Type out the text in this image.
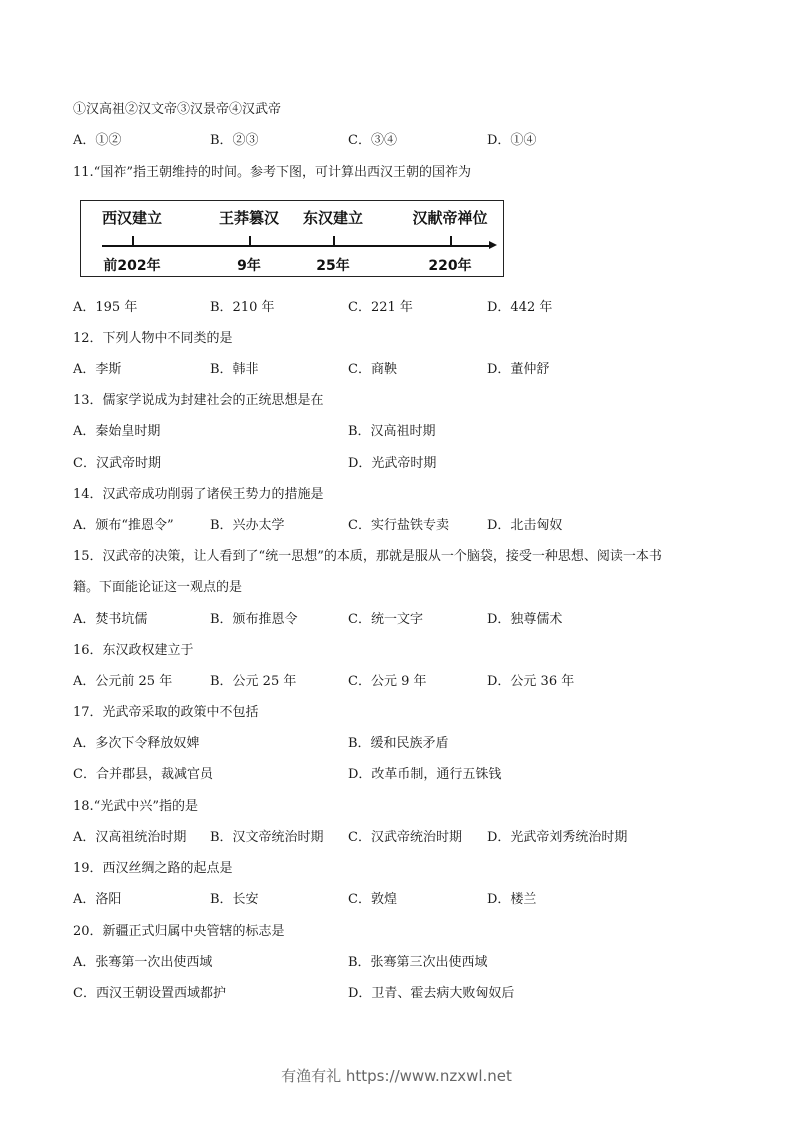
①汉高祖②汉文帝③汉景帝④汉武帝
A．①②	B．②③	C．③④	D．①④
11.“国祚”指王朝维持的时间。参考下图，可计算出西汉王朝的国祚为
西汉建立	王莽篡汉 东汉建立	汉献帝禅位
前202年	9年	25年	220年
A．195 年	B．210 年	C．221 年	D．442 年
12．下列人物中不同类的是
A．李斯	B．韩非	C．商鞅	D．董仲舒
13．儒家学说成为封建社会的正统思想是在
A．秦始皇时期	B．汉高祖时期
C．汉武帝时期	D．光武帝时期
14．汉武帝成功削弱了诸侯王势力的措施是
A．颁布“推恩令”	B．兴办太学	C．实行盐铁专卖	D．北击匈奴
15．汉武帝的决策，让人看到了“统一思想”的本质，那就是服从一个脑袋，接受一种思想、阅读一本书
籍。下面能论证这一观点的是
A．焚书坑儒	B．颁布推恩令	C．统一文字	D．独尊儒术
16．东汉政权建立于
A．公元前 25 年	B．公元 25 年	C．公元 9 年	D．公元 36 年
17．光武帝采取的政策中不包括
A．多次下令释放奴婢	B．缓和民族矛盾
C．合并郡县，裁减官员	D．改革币制，通行五铢钱
18.“光武中兴”指的是
A．汉高祖统治时期 B．汉文帝统治时期 C．汉武帝统治时期 D．光武帝刘秀统治时期
19．西汉丝绸之路的起点是
A．洛阳	B．长安	C．敦煌	D．楼兰
20．新疆正式归属中央管辖的标志是
A．张骞第一次出使西域	B．张骞第三次出使西域
C．西汉王朝设置西域都护	D．卫青、霍去病大败匈奴后
有渔有礼 https://www.nzxwl.net
